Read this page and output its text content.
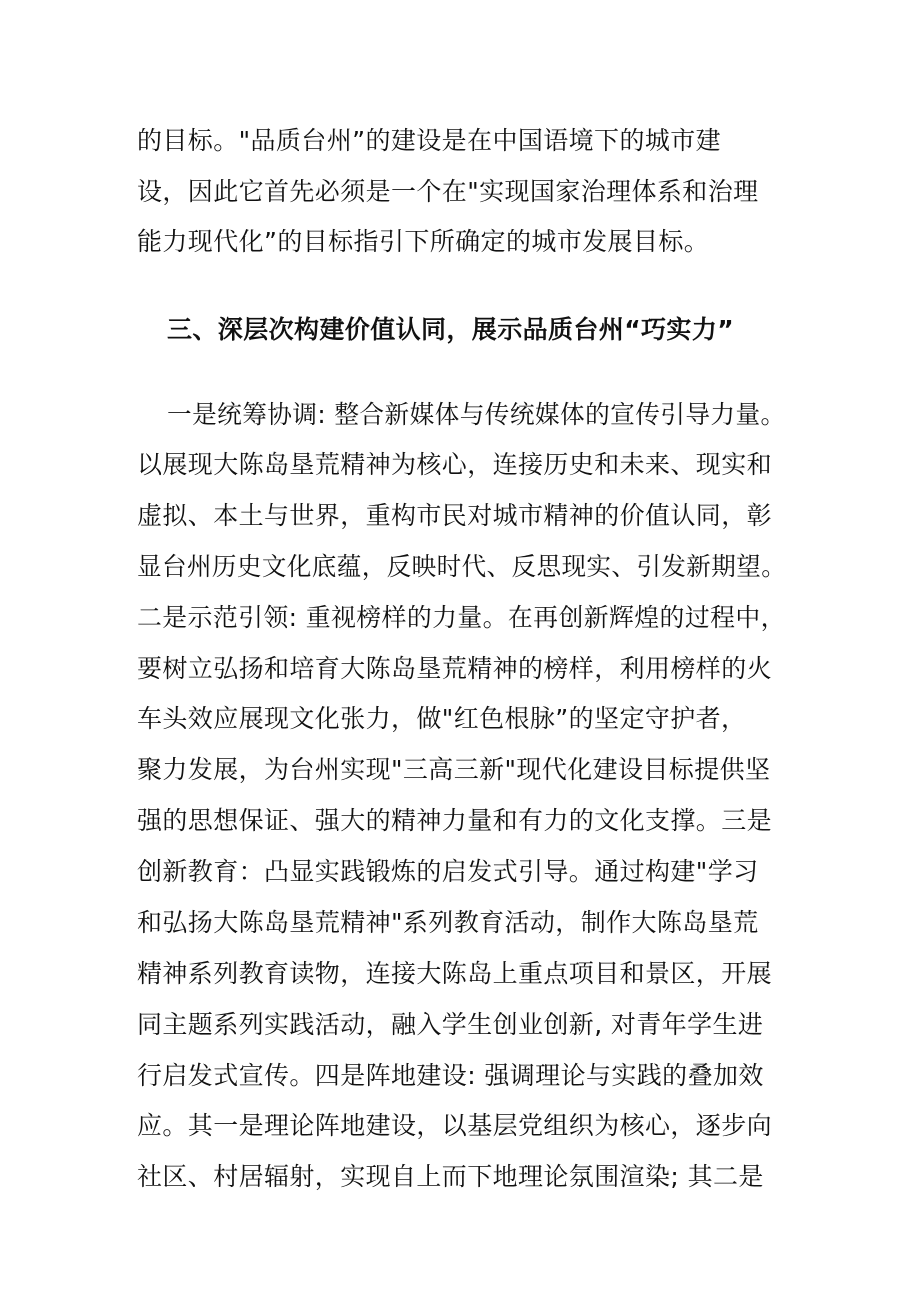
的目标。"品质台州”的建设是在中国语境下的城市建
设，因此它首先必须是一个在"实现国家治理体系和治理
能力现代化”的目标指引下所确定的城市发展目标。
三、深层次构建价值认同，展示品质台州“巧实力”
一是统筹协调: 整合新媒体与传统媒体的宣传引导力量。
以展现大陈岛垦荒精神为核心，连接历史和未来、现实和
虚拟、本土与世界，重构市民对城市精神的价值认同，彰
显台州历史文化底蕴，反映时代、反思现实、引发新期望。
二是示范引领: 重视榜样的力量。在再创新辉煌的过程中，
要树立弘扬和培育大陈岛垦荒精神的榜样，利用榜样的火
车头效应展现文化张力，做"红色根脉”的坚定守护者，
聚力发展，为台州实现"三高三新"现代化建设目标提供坚
强的思想保证、强大的精神力量和有力的文化支撑。三是
创新教育：凸显实践锻炼的启发式引导。通过构建"学习
和弘扬大陈岛垦荒精神"系列教育活动，制作大陈岛垦荒
精神系列教育读物，连接大陈岛上重点项目和景区，开展
同主题系列实践活动，融入学生创业创新, 对青年学生进
行启发式宣传。四是阵地建设: 强调理论与实践的叠加效
应。其一是理论阵地建设，以基层党组织为核心，逐步向
社区、村居辐射，实现自上而下地理论氛围渲染; 其二是
